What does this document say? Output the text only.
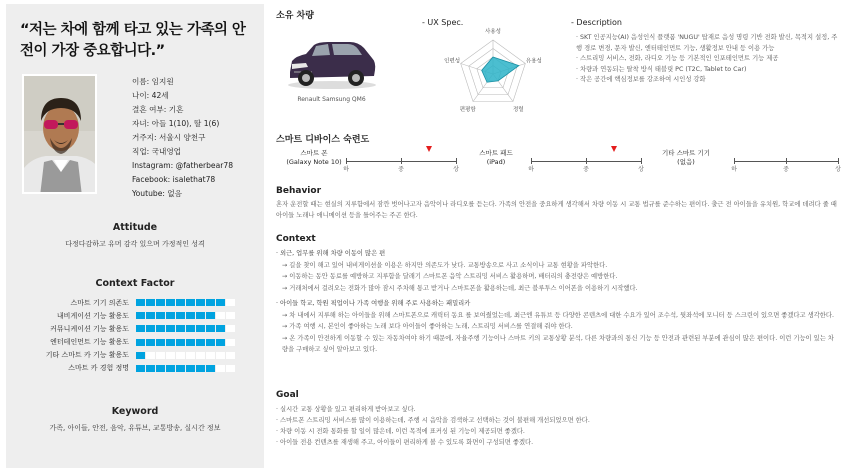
“저는 차에 함께 타고 있는 가족의 안전이 가장 중요합니다.”
이름: 임지원
나이: 42세
결혼 여부: 기혼
자녀: 아들 1(10), 딸 1(6)
거주지: 서울시 양천구
직업: 국내영업
Instagram: @fatherbear78
Facebook: isalethat78
Youtube: 없음
Attitude
다정다감하고 유머 감각 있으며 가정적인 성격
Context Factor
스마트 기기 의존도
내비게이션 기능 활용도
커뮤니케이션 기능 활용도
엔터테인먼트 기능 활용도
기타 스마트 카 기능 활용도
스마트 카 경험 정명
Keyword
가족, 아이들, 안전, 음악, 유튜브, 교통방송, 실시간 정보
소유 차량
Renault Samsung QM6
- UX Spec.
사용성
유용성
정렬
편평함
인편성
- Description
· SKT 인공지능(AI) 음성인식 플랫폼 'NUGU' 탑재로 음성 명령 기반 전화 발신, 목적지 설정, 주행 경로 변경, 문자 발신, 엔터테인먼트 기능, 생활정보 안내 등 이용 가능
· 스트리밍 서비스, 전화, 라디오 기능 등 기본적인 인포테인먼트 기능 제공
· 차량과 연동되는 탈착 방식 태블릿 PC (T2C, Tablet to Car)
· 작은 공간에 핵심정보를 강조하여 시인성 강화
스마트 디바이스 숙련도
스마트 폰
(Galaxy Note 10)
하	중	상
스마트 패드
(iPad)
하	중	상
기타 스마트 기기
(없음)
하	중	상
Behavior
혼자 운전할 때는 현실의 지루함에서 잠깐 벗어나고자 음악이나 라디오를 듣는다. 가족의 안전을 중요하게 생각해서 차량 이동 시 교통 법규를 준수하는 편이다. 출근 전 아이들을 유치원, 학교에 데려다 줄 때 아이들 노래나 애니메이션 등을 틀어주는 주곤 한다.
Context
· 외근, 업무를 위해 차량 이동이 많은 편
→ 길을 찾이 해고 있어 내비게이션을 이용은 하지만 의존도가 낮다. 교통방송으로 사고 소식이나 교통 현황을 파악한다.
→ 이동하는 동안 동료를 예방하고 지루함을 달래기 스마트폰 음악 스트리밍 서비스 활용하며, 배터리의 충전량은 예방한다.
→ 거래처에서 걸려오는 전화가 많아 잠시 주차해 통고 받거나 스마트폰을 활용하는데, 최근 블루투스 이어폰을 이용하기 시작했다.
· 아이들 학교, 학원 픽업이나 가족 여행을 위해 주로 사용하는 패밀리카
→ 차 내에서 지루해 하는 아이들을 위해 스마트폰으로 캐릭터 동요 를 보여줬었는데, 최근엔 유튜브 등 다양한 콘텐츠에 대한 수요가 있어 조수석, 뒷좌석에 모니터 등 스크린이 있으면 좋겠다고 생각한다.
→ 가족 여행 시, 본인이 좋아하는 노래 보다 아이들이 좋아하는 노래, 스트리밍 서비스를 연결해 줘야 한다.
→ 온 가족이 안전하게 이동할 수 있는 자동차여야 하기 때문에, 자율주행 기능이나 스마트 키의 교통상황 분석, 다른 차량과의 통신 기능 등 안전과 관련된 부분에 관심이 많은 편이다. 이런 기능이 있는 차량을 구매하고 싶어 알아보고 있다.
Goal
· 실시간 교통 상황을 있고 편리하게 받아보고 싶다.
· 스마트폰 스트리밍 서비스를 많이 이용하는데, 주행 시 음악을 검색하고 선택하는 것이 불편해 개선되었으면 한다.
· 차량 이동 시 전화 통화를 할 일이 많은데, 이런 목적에 표커싱 된 기능이 제공되면 좋겠다.
· 아이들 전용 컨텐츠를 재생해 주고, 아이들이 편리하게 볼 수 있도록 화면이 구성되면 좋겠다.
